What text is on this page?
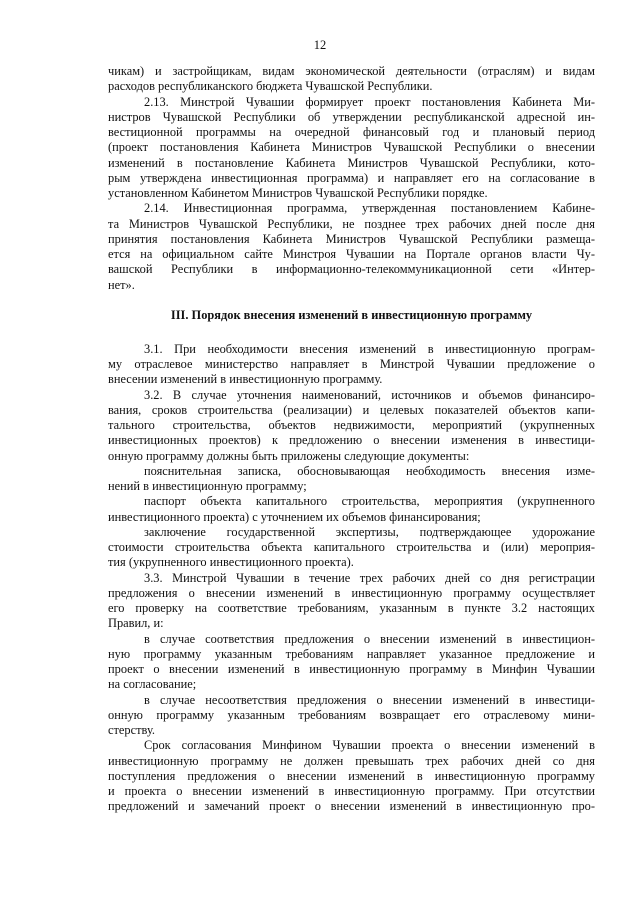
12
чикам) и застройщикам, видам экономической деятельности (отраслям) и видам
расходов республиканского бюджета Чувашской Республики.
2.13. Минстрой Чувашии формирует проект постановления Кабинета Ми-
нистров Чувашской Республики об утверждении республиканской адресной ин-
вестиционной программы на очередной финансовый год и плановый период
(проект постановления Кабинета Министров Чувашской Республики о внесении
изменений в постановление Кабинета Министров Чувашской Республики, кото-
рым утверждена инвестиционная программа) и направляет его на согласование в
установленном Кабинетом Министров Чувашской Республики порядке.
2.14. Инвестиционная программа, утвержденная постановлением Кабине-
та Министров Чувашской Республики, не позднее трех рабочих дней после дня
принятия постановления Кабинета Министров Чувашской Республики размеща-
ется на официальном сайте Минстроя Чувашии на Портале органов власти Чу-
вашской Республики в информационно-телекоммуникационной сети «Интер-
нет».
III. Порядок внесения изменений в инвестиционную программу
3.1. При необходимости внесения изменений в инвестиционную програм-
му отраслевое министерство направляет в Минстрой Чувашии предложение о
внесении изменений в инвестиционную программу.
3.2. В случае уточнения наименований, источников и объемов финансиро-
вания, сроков строительства (реализации) и целевых показателей объектов капи-
тального строительства, объектов недвижимости, мероприятий (укрупненных
инвестиционных проектов) к предложению о внесении изменения в инвестици-
онную программу должны быть приложены следующие документы:
пояснительная записка, обосновывающая необходимость внесения изме-
нений в инвестиционную программу;
паспорт объекта капитального строительства, мероприятия (укрупненного
инвестиционного проекта) с уточнением их объемов финансирования;
заключение государственной экспертизы, подтверждающее удорожание
стоимости строительства объекта капитального строительства и (или) мероприя-
тия (укрупненного инвестиционного проекта).
3.3. Минстрой Чувашии в течение трех рабочих дней со дня регистрации
предложения о внесении изменений в инвестиционную программу осуществляет
его проверку на соответствие требованиям, указанным в пункте 3.2 настоящих
Правил, и:
в случае соответствия предложения о внесении изменений в инвестицион-
ную программу указанным требованиям направляет указанное предложение и
проект о внесении изменений в инвестиционную программу в Минфин Чувашии
на согласование;
в случае несоответствия предложения о внесении изменений в инвестици-
онную программу указанным требованиям возвращает его отраслевому мини-
стерству.
Срок согласования Минфином Чувашии проекта о внесении изменений в
инвестиционную программу не должен превышать трех рабочих дней со дня
поступления предложения о внесении изменений в инвестиционную программу
и проекта о внесении изменений в инвестиционную программу. При отсутствии
предложений и замечаний проект о внесении изменений в инвестиционную про-
